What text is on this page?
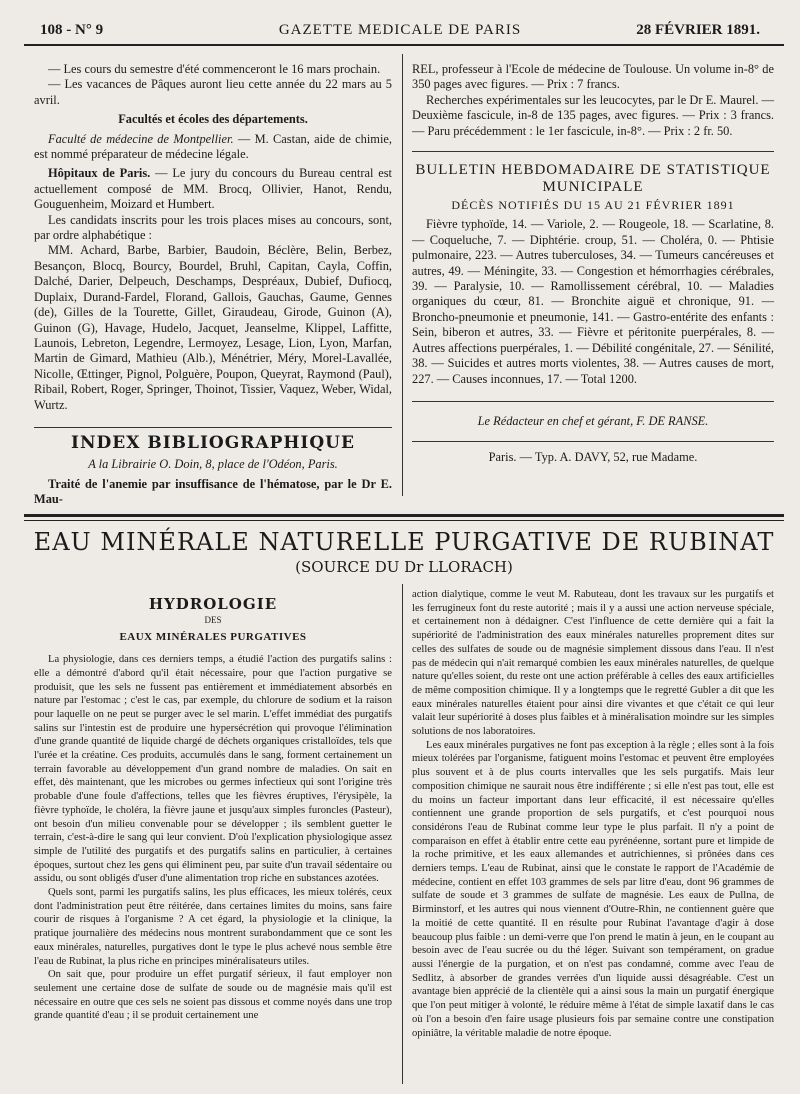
108 - N° 9	GAZETTE MEDICALE DE PARIS	28 FÉVRIER 1891.

— Les cours du semestre d'été commenceront le 16 mars prochain.

— Les vacances de Pâques auront lieu cette année du 22 mars au 5 avril.

Facultés et écoles des départements.

Faculté de médecine de Montpellier. — M. Castan, aide de chimie, est nommé préparateur de médecine légale.

Hôpitaux de Paris. — Le jury du concours du Bureau central est actuellement composé de MM. Brocq, Ollivier, Hanot, Rendu, Gouguenheim, Moizard et Humbert.

Les candidats inscrits pour les trois places mises au concours, sont, par ordre alphabétique :

MM. Achard, Barbe, Barbier, Baudoin, Béclère, Belin, Berbez, Besançon, Blocq, Bourcy, Bourdel, Bruhl, Capitan, Cayla, Coffin, Dalché, Darier, Delpeuch, Deschamps, Despréaux, Dubief, Dufiocq, Duplaix, Durand-Fardel, Florand, Gallois, Gauchas, Gaume, Gennes (de), Gilles de la Tourette, Gillet, Giraudeau, Girode, Guinon (A), Guinon (G), Havage, Hudelo, Jacquet, Jeanselme, Klippel, Laffitte, Launois, Lebreton, Legendre, Lermoyez, Lesage, Lion, Lyon, Marfan, Martin de Gimard, Mathieu (Alb.), Ménétrier, Méry, Morel-Lavallée, Nicolle, Œttinger, Pignol, Polguère, Poupon, Queyrat, Raymond (Paul), Ribail, Robert, Roger, Springer, Thoinot, Tissier, Vaquez, Weber, Widal, Wurtz.

INDEX BIBLIOGRAPHIQUE

A la Librairie O. Doin, 8, place de l'Odéon, Paris.

Traité de l'anemie par insuffisance de l'hématose, par le Dr E. Mau-

REL, professeur à l'Ecole de médecine de Toulouse. Un volume in-8° de 350 pages avec figures. — Prix : 7 francs.

Recherches expérimentales sur les leucocytes, par le Dr E. Maurel. — Deuxième fascicule, in-8 de 135 pages, avec figures. — Prix : 3 francs. — Paru précédemment : le 1er fascicule, in-8°. — Prix : 2 fr. 50.

BULLETIN HEBDOMADAIRE DE STATISTIQUE MUNICIPALE
DÉCÈS NOTIFIÉS DU 15 AU 21 FÉVRIER 1891

Fièvre typhoïde, 14. — Variole, 2. — Rougeole, 18. — Scarlatine, 8. — Coqueluche, 7. — Diphtérie. croup, 51. — Choléra, 0. — Phtisie pulmonaire, 223. — Autres tuberculoses, 34. — Tumeurs cancéreuses et autres, 49. — Méningite, 33. — Congestion et hémorrhagies cérébrales, 39. — Paralysie, 10. — Ramollissement cérébral, 10. — Maladies organiques du cœur, 81. — Bronchite aiguë et chronique, 91. — Broncho-pneumonie et pneumonie, 141. — Gastro-entérite des enfants : Sein, biberon et autres, 33. — Fièvre et péritonite puerpérales, 8. — Autres affections puerpérales, 1. — Débilité congénitale, 27. — Sénilité, 38. — Suicides et autres morts violentes, 38. — Autres causes de mort, 227. — Causes inconnues, 17. — Total 1200.

Le Rédacteur en chef et gérant, F. DE RANSE.

Paris. — Typ. A. DAVY, 52, rue Madame.

EAU MINÉRALE NATURELLE PURGATIVE DE RUBINAT
(SOURCE DU Dr LLORACH)
HYDROLOGIE
DES
EAUX MINÉRALES PURGATIVES

La physiologie, dans ces derniers temps, a étudié l'action des purgatifs salins : elle a démontré d'abord qu'il était nécessaire, pour que l'action purgative se produisit, que les sels ne fussent pas entièrement et immédiatement absorbés en nature par l'estomac ; c'est le cas, par exemple, du chlorure de sodium et la raison pour laquelle on ne peut se purger avec le sel marin. L'effet immédiat des purgatifs salins sur l'intestin est de produire une hypersécrétion qui provoque l'élimination d'une grande quantité de liquide chargé de déchets organiques cristalloïdes, tels que l'urée et la créatine. Ces produits, accumulés dans le sang, forment certainement un terrain favorable au développement d'un grand nombre de maladies. On sait en effet, dès maintenant, que les microbes ou germes infectieux qui sont l'origine très probable d'une foule d'affections, telles que les fièvres éruptives, l'érysipèle, la fièvre typhoïde, le choléra, la fièvre jaune et jusqu'aux simples furoncles (Pasteur), ont besoin d'un milieu convenable pour se développer ; ils semblent guetter le terrain, c'est-à-dire le sang qui leur convient. D'où l'explication physiologique assez simple de l'utilité des purgatifs et des purgatifs salins en particulier, à certaines époques, surtout chez les gens qui éliminent peu, par suite d'un travail sédentaire ou assidu, ou sont obligés d'user d'une alimentation trop riche en substances azotées.

Quels sont, parmi les purgatifs salins, les plus efficaces, les mieux tolérés, ceux dont l'administration peut être réitérée, dans certaines limites du moins, sans faire courir de risques à l'organisme ? A cet égard, la physiologie et la clinique, la pratique journalière des médecins nous montrent surabondamment que ce sont les eaux minérales, naturelles, purgatives dont le type le plus achevé nous semble être l'eau de Rubinat, la plus riche en principes minéralisateurs utiles.

On sait que, pour produire un effet purgatif sérieux, il faut employer non seulement une certaine dose de sulfate de soude ou de magnésie mais qu'il est nécessaire en outre que ces sels ne soient pas dissous et comme noyés dans une trop grande quantité d'eau ; il se produit certainement une

action dialytique, comme le veut M. Rabuteau, dont les travaux sur les purgatifs et les ferrugineux font du reste autorité ; mais il y a aussi une action nerveuse spéciale, et certainement non à dédaigner. C'est l'influence de cette dernière qui a fait la supériorité de l'administration des eaux minérales naturelles proprement dites sur celles des sulfates de soude ou de magnésie simplement dissous dans l'eau. Il n'est pas de médecin qui n'ait remarqué combien les eaux minérales naturelles, de quelque nature qu'elles soient, du reste ont une action préférable à celles des eaux artificielles de même composition chimique. Il y a longtemps que le regretté Gubler a dit que les eaux minérales naturelles étaient pour ainsi dire vivantes et que c'était ce qui leur valait leur supériorité à doses plus faibles et à minéralisation moindre sur les simples solutions de nos laboratoires.

Les eaux minérales purgatives ne font pas exception à la règle ; elles sont à la fois mieux tolérées par l'organisme, fatiguent moins l'estomac et peuvent être employées plus souvent et à de plus courts intervalles que les sels purgatifs. Mais leur composition chimique ne saurait nous être indifférente ; si elle n'est pas tout, elle est du moins un facteur important dans leur efficacité, il est nécessaire qu'elles contiennent une grande proportion de sels purgatifs, et c'est pourquoi nous considérons l'eau de Rubinat comme leur type le plus parfait. Il n'y a point de comparaison en effet à établir entre cette eau pyrénéenne, sortant pure et limpide de la roche primitive, et les eaux allemandes et autrichiennes, si prônées dans ces derniers temps. L'eau de Rubinat, ainsi que le constate le rapport de l'Académie de médecine, contient en effet 103 grammes de sels par litre d'eau, dont 96 grammes de sulfate de soude et 3 grammes de sulfate de magnésie. Les eaux de Pullna, de Birminstorf, et les autres qui nous viennent d'Outre-Rhin, ne contiennent guère que la moitié de cette quantité. Il en résulte pour Rubinat l'avantage d'agir à dose beaucoup plus faible : un demi-verre que l'on prend le matin à jeun, en le coupant au besoin avec de l'eau sucrée ou du thé léger. Suivant son tempérament, on gradue aussi l'énergie de la purgation, et on n'est pas condamné, comme avec l'eau de Sedlitz, à absorber de grandes verrées d'un liquide aussi désagréable. C'est un avantage bien apprécié de la clientèle qui a ainsi sous la main un purgatif énergique que l'on peut mitiger à volonté, le réduire même à l'état de simple laxatif dans le cas où l'on a besoin d'en faire usage plusieurs fois par semaine contre une constipation opiniâtre, la véritable maladie de notre époque.
